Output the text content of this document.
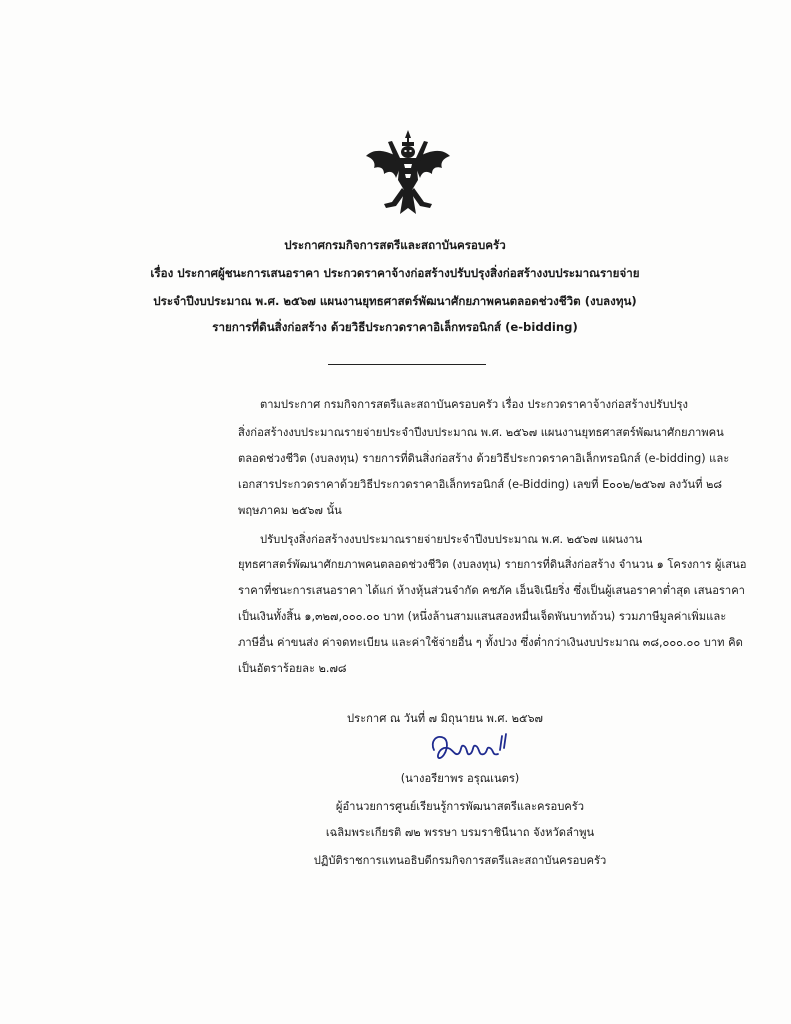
ประกาศกรมกิจการสตรีและสถาบันครอบครัว

เรื่อง ประกาศผู้ชนะการเสนอราคา ประกวดราคาจ้างก่อสร้างปรับปรุงสิ่งก่อสร้างงบประมาณรายจ่าย

ประจำปีงบประมาณ พ.ศ. ๒๕๖๗ แผนงานยุทธศาสตร์พัฒนาศักยภาพคนตลอดช่วงชีวิต (งบลงทุน)

รายการที่ดินสิ่งก่อสร้าง ด้วยวิธีประกวดราคาอิเล็กทรอนิกส์ (e-bidding)

ตามประกาศ กรมกิจการสตรีและสถาบันครอบครัว เรื่อง ประกวดราคาจ้างก่อสร้างปรับปรุง

สิ่งก่อสร้างงบประมาณรายจ่ายประจำปีงบประมาณ พ.ศ. ๒๕๖๗ แผนงานยุทธศาสตร์พัฒนาศักยภาพคน

ตลอดช่วงชีวิต (งบลงทุน) รายการที่ดินสิ่งก่อสร้าง ด้วยวิธีประกวดราคาอิเล็กทรอนิกส์ (e-bidding) และ

เอกสารประกวดราคาด้วยวิธีประกวดราคาอิเล็กทรอนิกส์ (e-Bidding) เลขที่ E๐๐๒/๒๕๖๗ ลงวันที่ ๒๘

พฤษภาคม ๒๕๖๗ นั้น

ปรับปรุงสิ่งก่อสร้างงบประมาณรายจ่ายประจำปีงบประมาณ พ.ศ. ๒๕๖๗ แผนงาน

ยุทธศาสตร์พัฒนาศักยภาพคนตลอดช่วงชีวิต (งบลงทุน) รายการที่ดินสิ่งก่อสร้าง จำนวน ๑ โครงการ ผู้เสนอ

ราคาที่ชนะการเสนอราคา ได้แก่ ห้างหุ้นส่วนจำกัด คชภัค เอ็นจิเนียริ่ง ซึ่งเป็นผู้เสนอราคาต่ำสุด เสนอราคา

เป็นเงินทั้งสิ้น ๑,๓๒๗,๐๐๐.๐๐ บาท (หนึ่งล้านสามแสนสองหมื่นเจ็ดพันบาทถ้วน) รวมภาษีมูลค่าเพิ่มและ

ภาษีอื่น ค่าขนส่ง ค่าจดทะเบียน และค่าใช้จ่ายอื่น ๆ ทั้งปวง ซึ่งต่ำกว่าเงินงบประมาณ ๓๘,๐๐๐.๐๐ บาท คิด

เป็นอัตราร้อยละ ๒.๗๘

ประกาศ ณ วันที่ ๗ มิถุนายน พ.ศ. ๒๕๖๗

(นางอรียาพร อรุณเนตร)

ผู้อำนวยการศูนย์เรียนรู้การพัฒนาสตรีและครอบครัว

เฉลิมพระเกียรติ ๗๒ พรรษา บรมราชินีนาถ จังหวัดลำพูน

ปฏิบัติราชการแทนอธิบดีกรมกิจการสตรีและสถาบันครอบครัว
